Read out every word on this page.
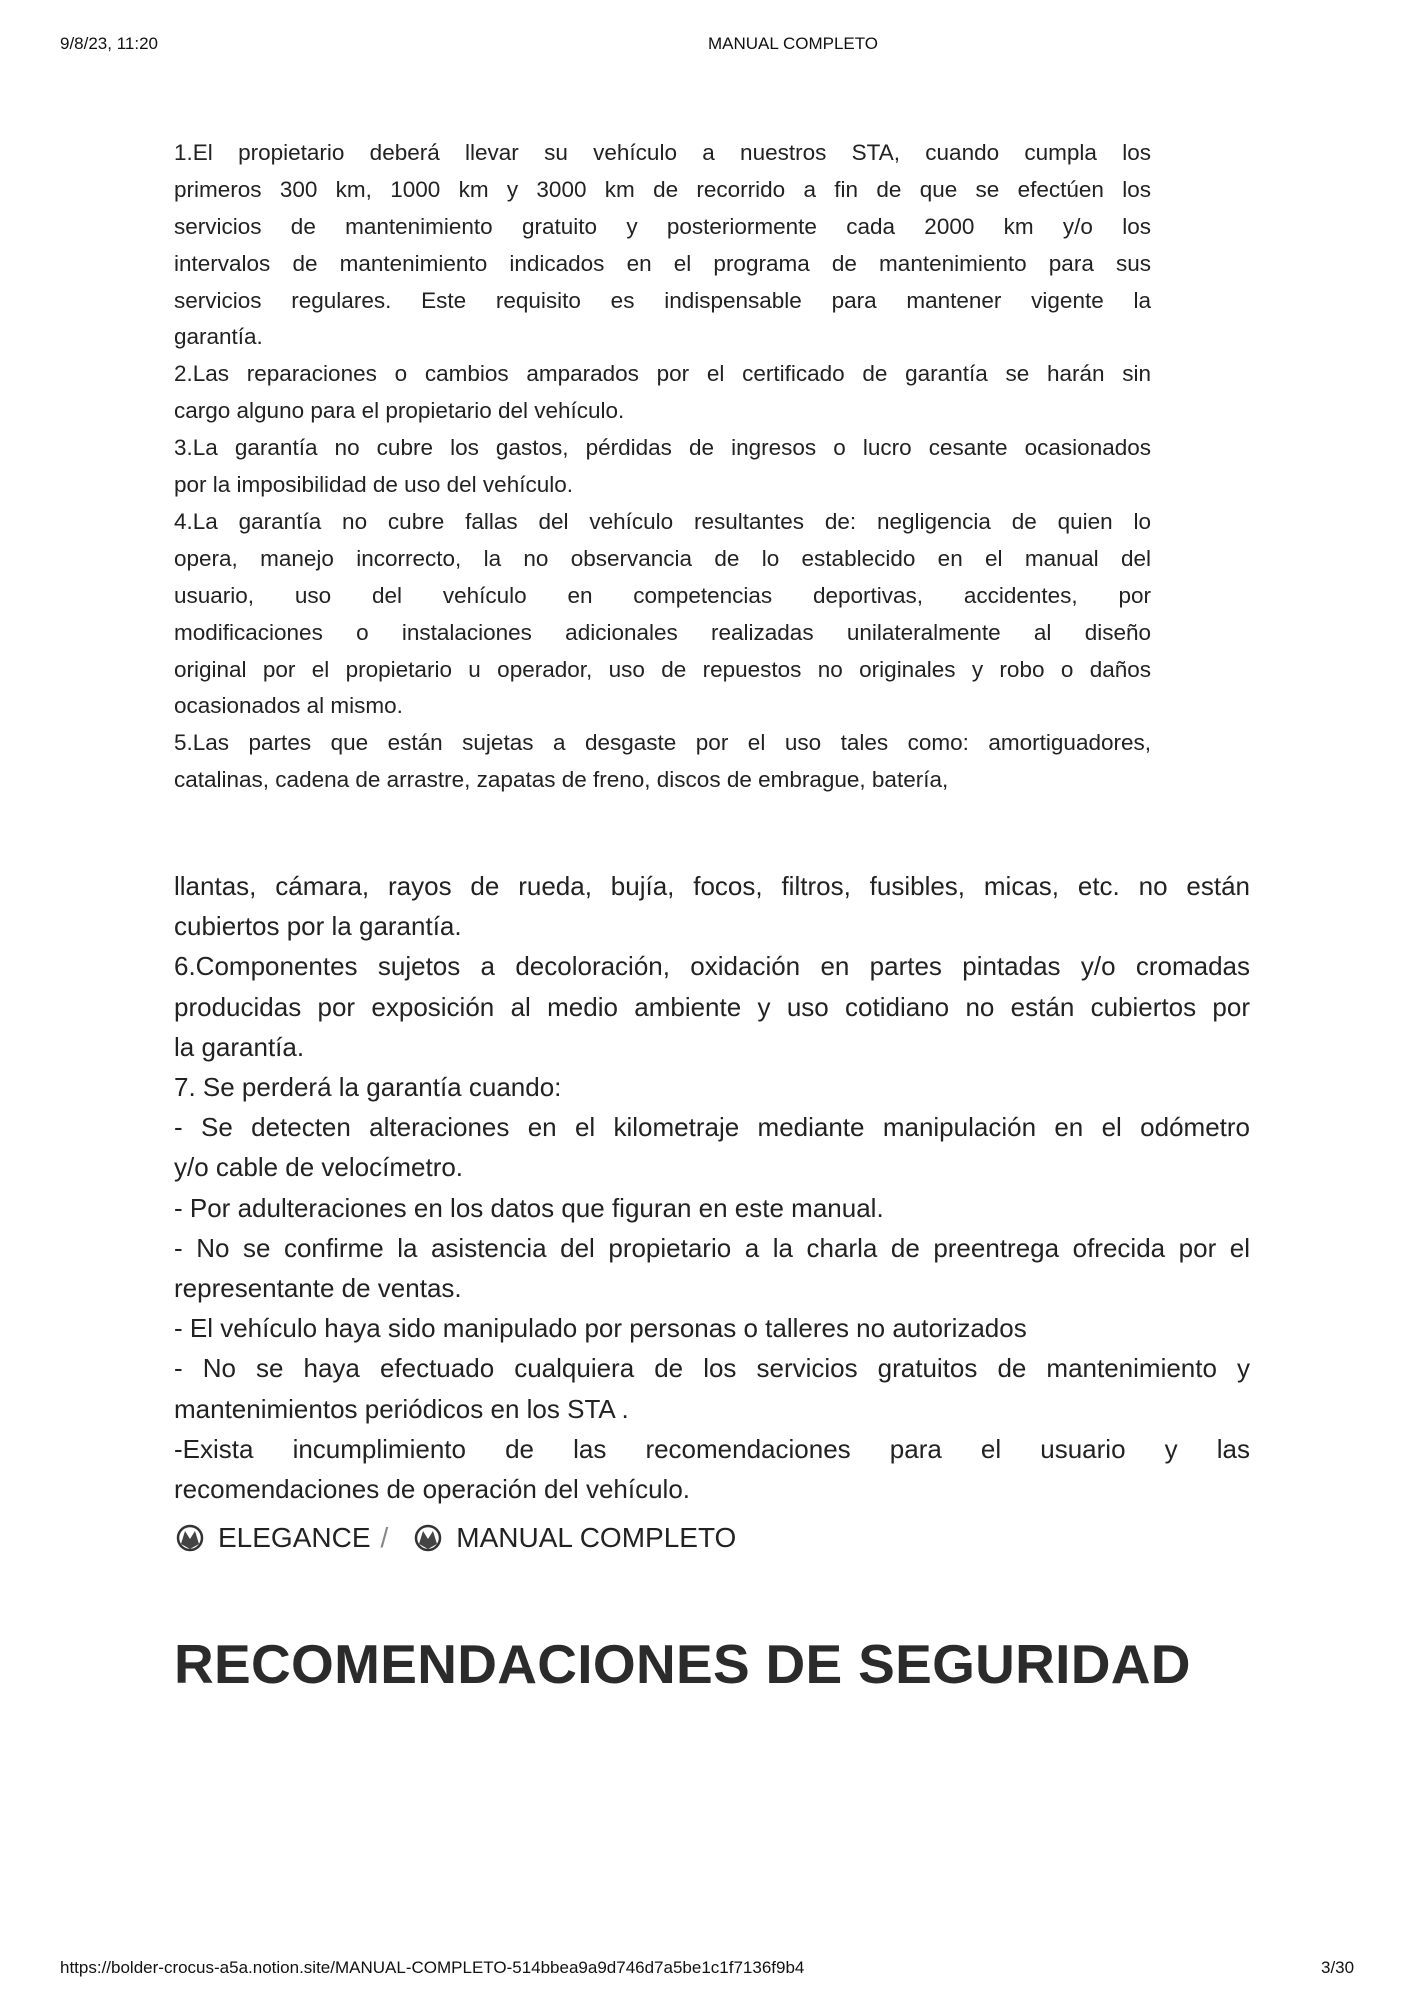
9/8/23, 11:20	MANUAL COMPLETO
1.El propietario deberá llevar su vehículo a nuestros STA, cuando cumpla los
primeros 300 km, 1000 km y 3000 km de recorrido a fin de que se efectúen los
servicios de mantenimiento gratuito y posteriormente cada 2000 km y/o los
intervalos de mantenimiento indicados en el programa de mantenimiento para sus
servicios regulares. Este requisito es indispensable para mantener vigente la
garantía.
2.Las reparaciones o cambios amparados por el certificado de garantía se harán sin
cargo alguno para el propietario del vehículo.
3.La garantía no cubre los gastos, pérdidas de ingresos o lucro cesante ocasionados
por la imposibilidad de uso del vehículo.
4.La garantía no cubre fallas del vehículo resultantes de: negligencia de quien lo
opera, manejo incorrecto, la no observancia de lo establecido en el manual del
usuario, uso del vehículo en competencias deportivas, accidentes, por
modificaciones o instalaciones adicionales realizadas unilateralmente al diseño
original por el propietario u operador, uso de repuestos no originales y robo o daños
ocasionados al mismo.
5.Las partes que están sujetas a desgaste por el uso tales como: amortiguadores,
catalinas, cadena de arrastre, zapatas de freno, discos de embrague, batería,
llantas, cámara, rayos de rueda, bujía, focos, filtros, fusibles, micas, etc. no están
cubiertos por la garantía.
6.Componentes sujetos a decoloración, oxidación en partes pintadas y/o cromadas
producidas por exposición al medio ambiente y uso cotidiano no están cubiertos por
la garantía.
7. Se perderá la garantía cuando:
- Se detecten alteraciones en el kilometraje mediante manipulación en el odómetro
y/o cable de velocímetro.
- Por adulteraciones en los datos que figuran en este manual.
- No se confirme la asistencia del propietario a la charla de preentrega ofrecida por el
representante de ventas.
- El vehículo haya sido manipulado por personas o talleres no autorizados
- No se haya efectuado cualquiera de los servicios gratuitos de mantenimiento y
mantenimientos periódicos en los STA .
-Exista incumplimiento de las recomendaciones para el usuario y las
recomendaciones de operación del vehículo.
ELEGANCE / MANUAL COMPLETO
RECOMENDACIONES DE SEGURIDAD
https://bolder-crocus-a5a.notion.site/MANUAL-COMPLETO-514bbea9a9d746d7a5be1c1f7136f9b4	3/30
